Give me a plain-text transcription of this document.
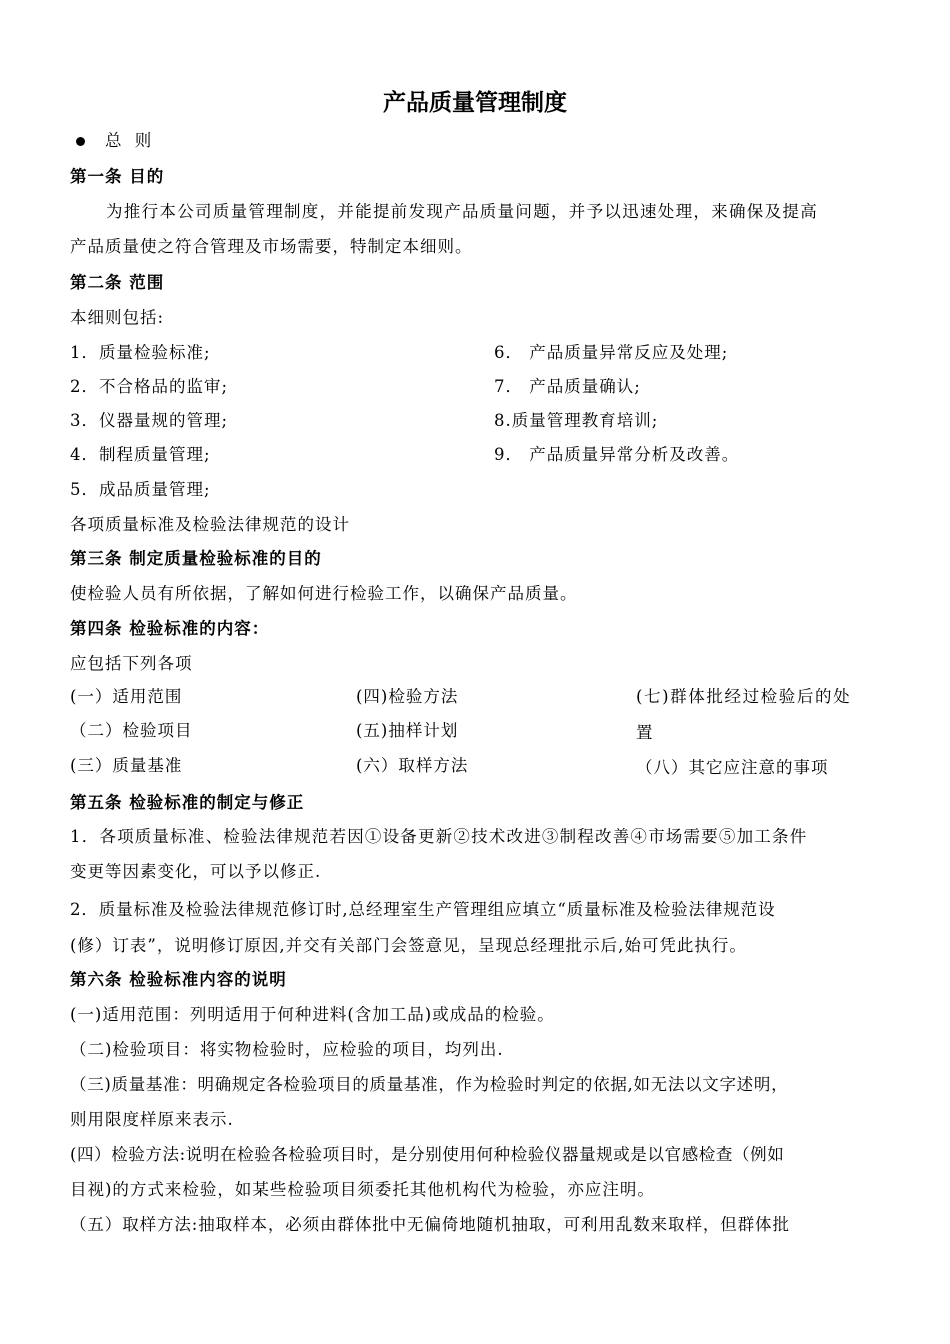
产品质量管理制度
总 则
第一条 目的
为推行本公司质量管理制度，并能提前发现产品质量问题，并予以迅速处理，来确保及提高
产品质量使之符合管理及市场需要，特制定本细则。
第二条 范围
本细则包括:
1．质量检验标准;
2．不合格品的监审;
3．仪器量规的管理;
4．制程质量管理;
5．成品质量管理;
6． 产品质量异常反应及处理;
7． 产品质量确认;
8.质量管理教育培训;
9． 产品质量异常分析及改善。
各项质量标准及检验法律规范的设计
第三条 制定质量检验标准的目的
使检验人员有所依据，了解如何进行检验工作，以确保产品质量。
第四条 检验标准的内容：
应包括下列各项
(一）适用范围
（二）检验项目
(三）质量基准
(四)检验方法
(五)抽样计划
(六）取样方法
(七)群体批经过检验后的处
置
（八）其它应注意的事项
第五条 检验标准的制定与修正
1．各项质量标准、检验法律规范若因①设备更新②技术改进③制程改善④市场需要⑤加工条件
变更等因素变化，可以予以修正.
2．质量标准及检验法律规范修订时,总经理室生产管理组应填立“质量标准及检验法律规范设
(修）订表”，说明修订原因,并交有关部门会签意见，呈现总经理批示后,始可凭此执行。
第六条 检验标准内容的说明
(一)适用范围：列明适用于何种进料(含加工品)或成品的检验。
（二)检验项目：将实物检验时，应检验的项目，均列出.
（三)质量基准：明确规定各检验项目的质量基准，作为检验时判定的依据,如无法以文字述明，
则用限度样原来表示.
(四）检验方法:说明在检验各检验项目时，是分别使用何种检验仪器量规或是以官感检查（例如
目视)的方式来检验，如某些检验项目须委托其他机构代为检验，亦应注明。
（五）取样方法:抽取样本，必须由群体批中无偏倚地随机抽取，可利用乱数来取样，但群体批
